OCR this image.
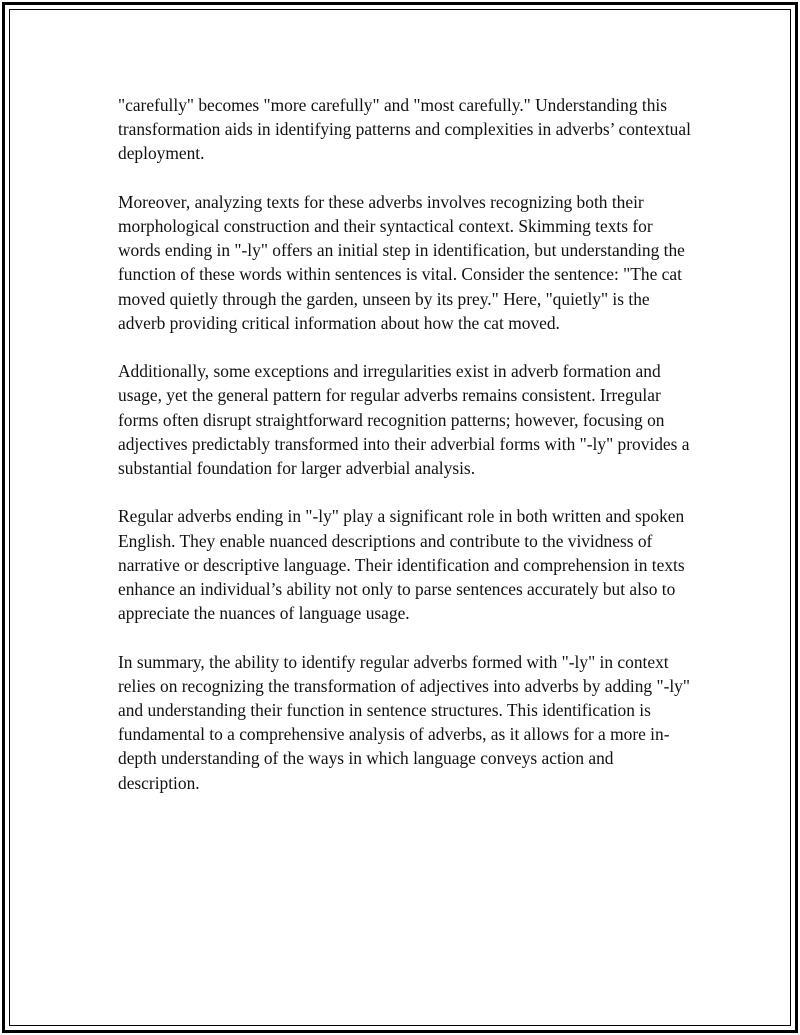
"carefully" becomes "more carefully" and "most carefully." Understanding this transformation aids in identifying patterns and complexities in adverbs’ contextual deployment.

Moreover, analyzing texts for these adverbs involves recognizing both their morphological construction and their syntactical context. Skimming texts for words ending in "-ly" offers an initial step in identification, but understanding the function of these words within sentences is vital. Consider the sentence: "The cat moved quietly through the garden, unseen by its prey." Here, "quietly" is the adverb providing critical information about how the cat moved.

Additionally, some exceptions and irregularities exist in adverb formation and usage, yet the general pattern for regular adverbs remains consistent. Irregular forms often disrupt straightforward recognition patterns; however, focusing on adjectives predictably transformed into their adverbial forms with "-ly" provides a substantial foundation for larger adverbial analysis.

Regular adverbs ending in "-ly" play a significant role in both written and spoken English. They enable nuanced descriptions and contribute to the vividness of narrative or descriptive language. Their identification and comprehension in texts enhance an individual’s ability not only to parse sentences accurately but also to appreciate the nuances of language usage.

In summary, the ability to identify regular adverbs formed with "-ly" in context relies on recognizing the transformation of adjectives into adverbs by adding "-ly" and understanding their function in sentence structures. This identification is fundamental to a comprehensive analysis of adverbs, as it allows for a more in-depth understanding of the ways in which language conveys action and description.
